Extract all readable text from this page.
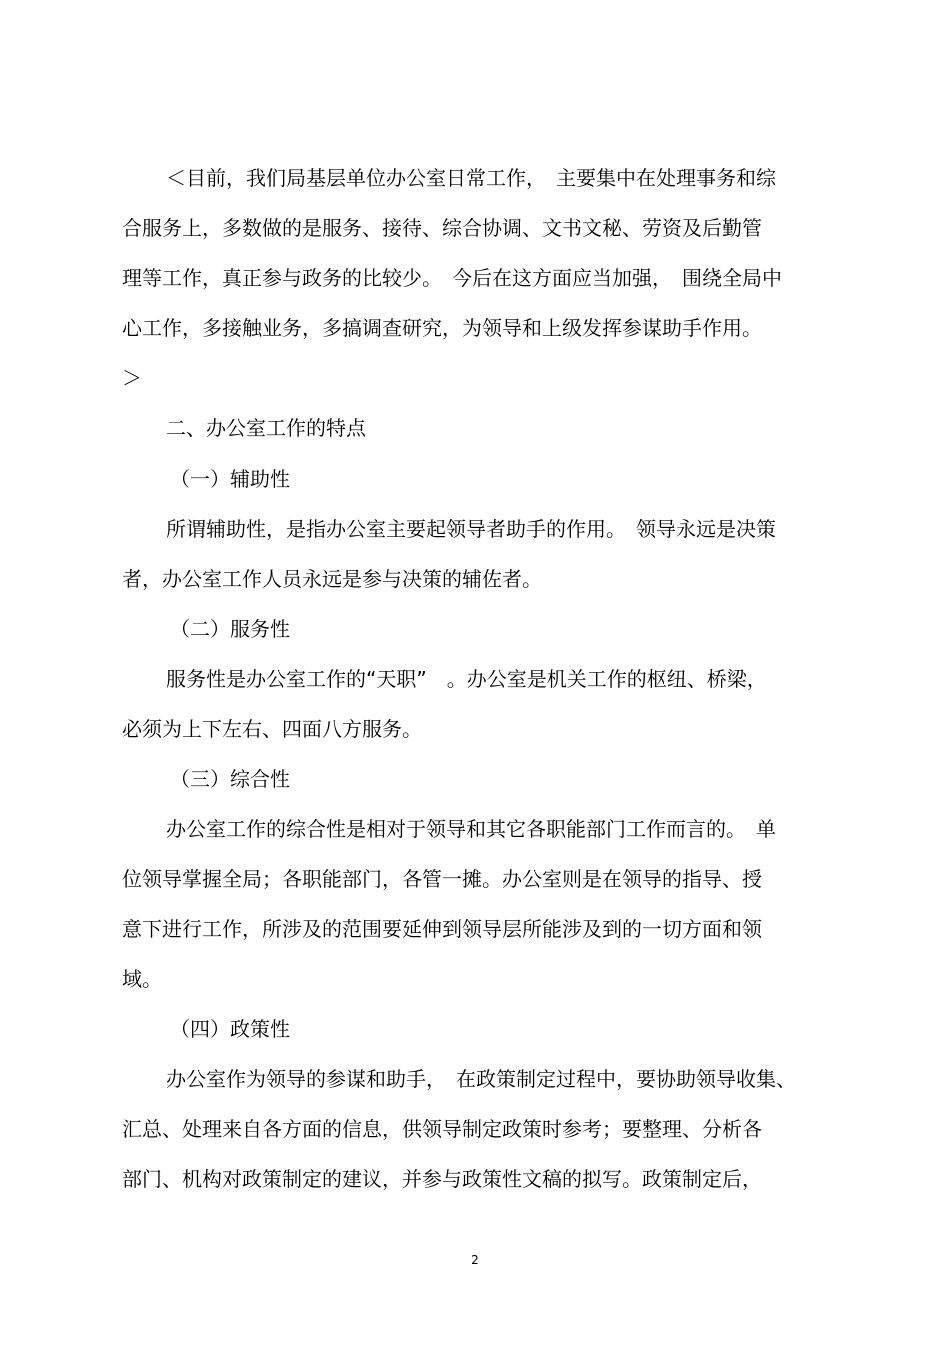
＜目前，我们局基层单位办公室日常工作，　主要集中在处理事务和综

合服务上，多数做的是服务、接待、综合协调、文书文秘、劳资及后勤管

理等工作，真正参与政务的比较少。　今后在这方面应当加强，　围绕全局中

心工作，多接触业务，多搞调查研究，为领导和上级发挥参谋助手作用。

＞

二、办公室工作的特点

（一）辅助性

所谓辅助性，是指办公室主要起领导者助手的作用。　领导永远是决策

者，办公室工作人员永远是参与决策的辅佐者。

（二）服务性

服务性是办公室工作的“天职”　。办公室是机关工作的枢纽、桥梁，

必须为上下左右、四面八方服务。

（三）综合性

办公室工作的综合性是相对于领导和其它各职能部门工作而言的。　单

位领导掌握全局；各职能部门，各管一摊。办公室则是在领导的指导、授

意下进行工作，所涉及的范围要延伸到领导层所能涉及到的一切方面和领

域。

（四）政策性

办公室作为领导的参谋和助手，　在政策制定过程中，要协助领导收集、

汇总、处理来自各方面的信息，供领导制定政策时参考；要整理、分析各

部门、机构对政策制定的建议，并参与政策性文稿的拟写。政策制定后，

2
